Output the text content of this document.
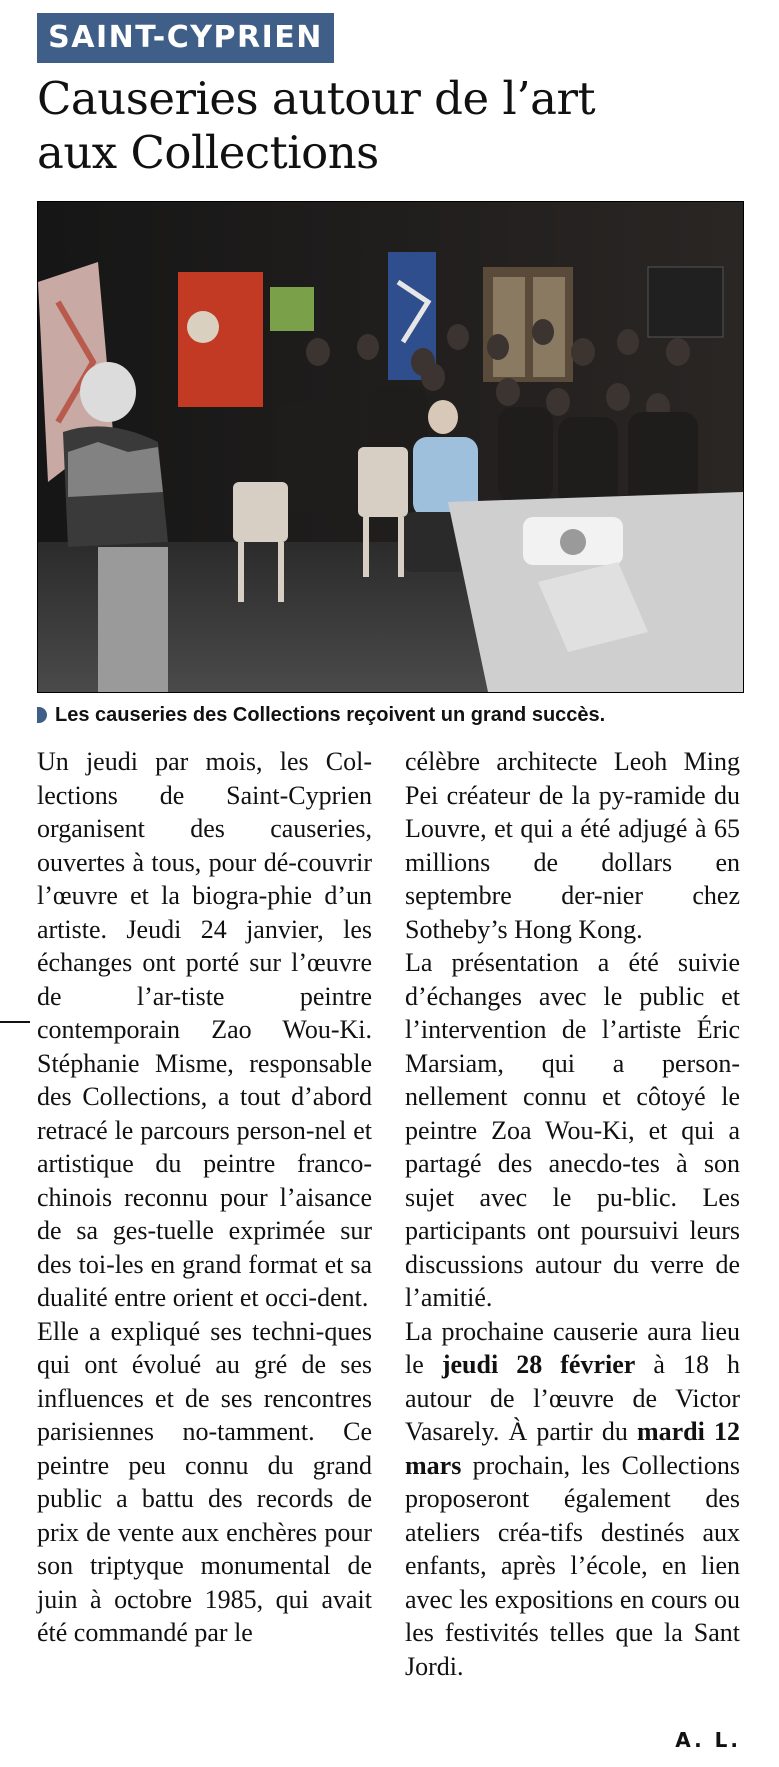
SAINT-CYPRIEN
Causeries autour de l’art
aux Collections
Les causeries des Collections reçoivent un grand succès.

Un jeudi par mois, les Col- lections de Saint-Cyprien organisent des causeries, ouvertes à tous, pour dé-couvrir l’œuvre et la biogra-phie d’un artiste. Jeudi 24 janvier, les échanges ont porté sur l’œuvre de l’ar-tiste peintre contemporain Zao Wou-Ki. Stéphanie Misme, responsable des Collections, a tout d’abord retracé le parcours person-nel et artistique du peintre franco-chinois reconnu pour l’aisance de sa ges-tuelle exprimée sur des toi-les en grand format et sa dualité entre orient et occi-dent.

Elle a expliqué ses techni-ques qui ont évolué au gré de ses influences et de ses rencontres parisiennes no-tamment. Ce peintre peu connu du grand public a battu des records de prix de vente aux enchères pour son triptyque monumental de juin à octobre 1985, qui avait été commandé par le

célèbre architecte Leoh Ming Pei créateur de la py-ramide du Louvre, et qui a été adjugé à 65 millions de dollars en septembre der-nier chez Sotheby’s Hong Kong.

La présentation a été suivie d’échanges avec le public et l’intervention de l’artiste Éric Marsiam, qui a person-nellement connu et côtoyé le peintre Zoa Wou-Ki, et qui a partagé des anecdo-tes à son sujet avec le pu-blic. Les participants ont poursuivi leurs discussions autour du verre de l’amitié.

La prochaine causerie aura lieu le jeudi 28 février à 18 h autour de l’œuvre de Victor Vasarely. À partir du mardi 12 mars prochain, les Collections proposeront également des ateliers créa-tifs destinés aux enfants, après l’école, en lien avec les expositions en cours ou les festivités telles que la Sant Jordi.

A. L.
